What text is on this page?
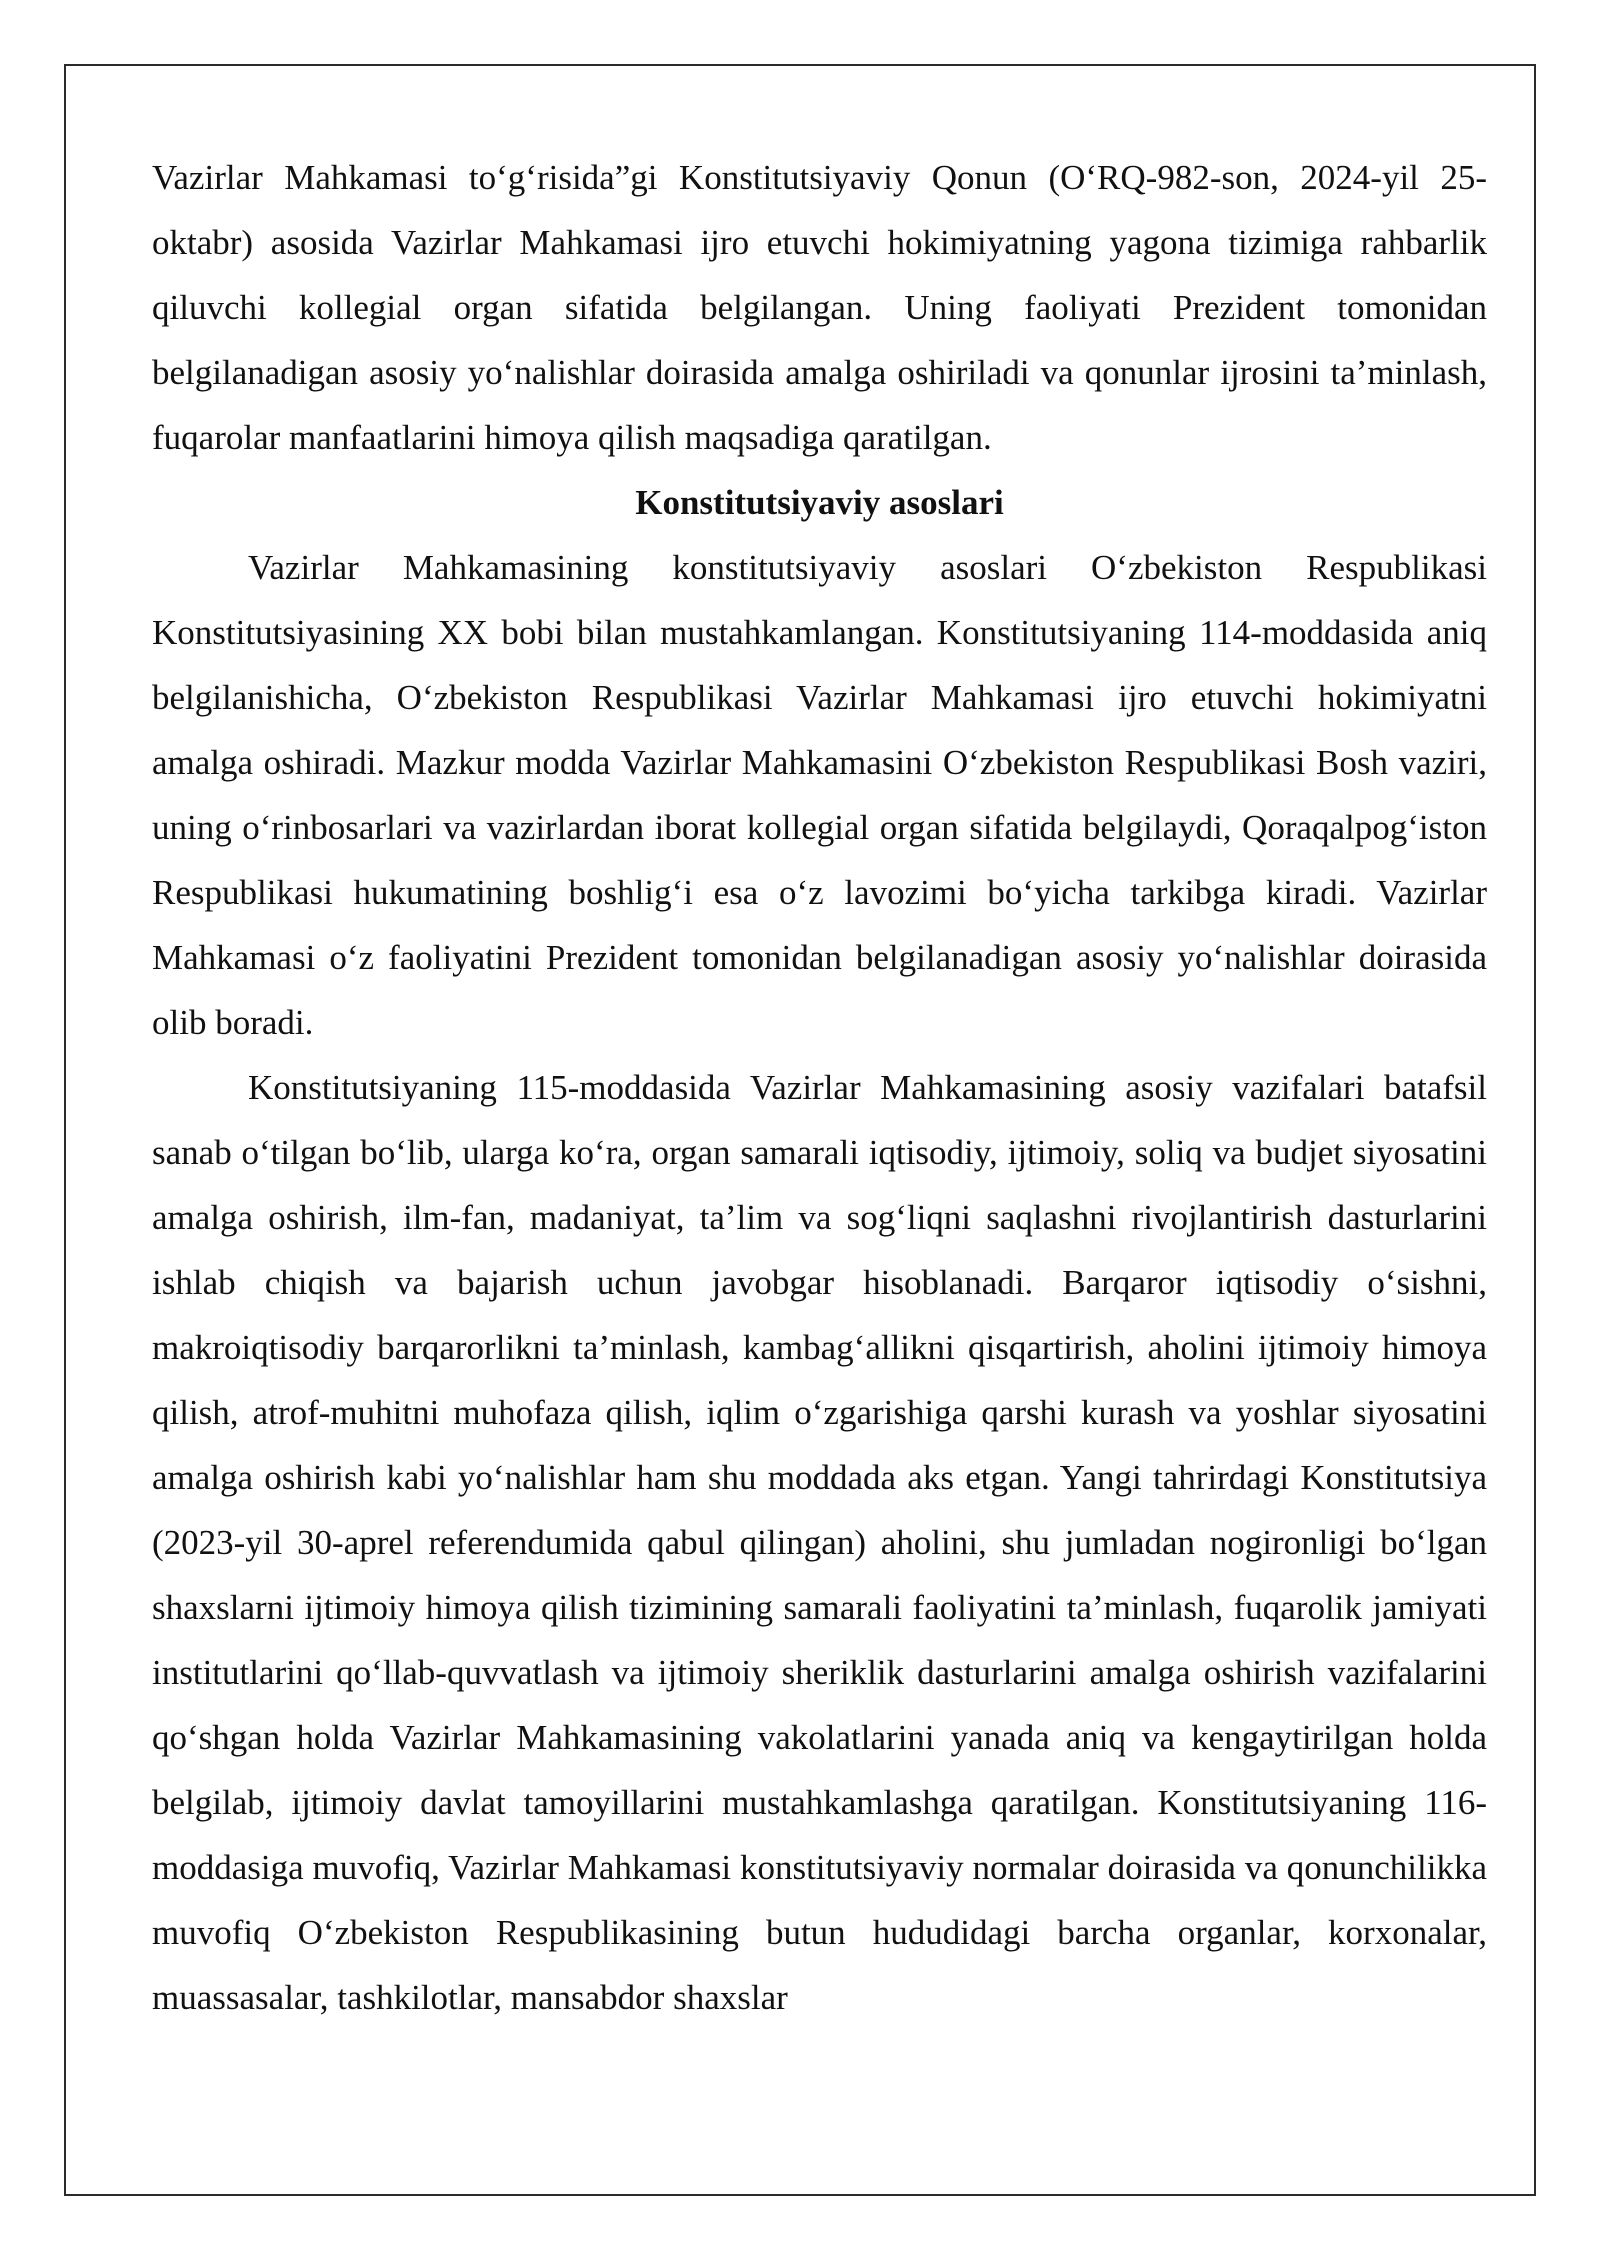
Vazirlar Mahkamasi to‘g‘risida”gi Konstitutsiyaviy Qonun (O‘RQ-982-son, 2024-yil 25-oktabr) asosida Vazirlar Mahkamasi ijro etuvchi hokimiyatning yagona tizimiga rahbarlik qiluvchi kollegial organ sifatida belgilangan. Uning faoliyati Prezident tomonidan belgilanadigan asosiy yo‘nalishlar doirasida amalga oshiriladi va qonunlar ijrosini ta’minlash, fuqarolar manfaatlarini himoya qilish maqsadiga qaratilgan.

Konstitutsiyaviy asoslari

Vazirlar Mahkamasining konstitutsiyaviy asoslari O‘zbekiston Respublikasi Konstitutsiyasining XX bobi bilan mustahkamlangan. Konstitutsiyaning 114-moddasida aniq belgilanishicha, O‘zbekiston Respublikasi Vazirlar Mahkamasi ijro etuvchi hokimiyatni amalga oshiradi. Mazkur modda Vazirlar Mahkamasini O‘zbekiston Respublikasi Bosh vaziri, uning o‘rinbosarlari va vazirlardan iborat kollegial organ sifatida belgilaydi, Qoraqalpog‘iston Respublikasi hukumatining boshlig‘i esa o‘z lavozimi bo‘yicha tarkibga kiradi. Vazirlar Mahkamasi o‘z faoliyatini Prezident tomonidan belgilanadigan asosiy yo‘nalishlar doirasida olib boradi.

Konstitutsiyaning 115-moddasida Vazirlar Mahkamasining asosiy vazifalari batafsil sanab o‘tilgan bo‘lib, ularga ko‘ra, organ samarali iqtisodiy, ijtimoiy, soliq va budjet siyosatini amalga oshirish, ilm-fan, madaniyat, ta’lim va sog‘liqni saqlashni rivojlantirish dasturlarini ishlab chiqish va bajarish uchun javobgar hisoblanadi. Barqaror iqtisodiy o‘sishni, makroiqtisodiy barqarorlikni ta’minlash, kambag‘allikni qisqartirish, aholini ijtimoiy himoya qilish, atrof-muhitni muhofaza qilish, iqlim o‘zgarishiga qarshi kurash va yoshlar siyosatini amalga oshirish kabi yo‘nalishlar ham shu moddada aks etgan. Yangi tahrirdagi Konstitutsiya (2023-yil 30-aprel referendumida qabul qilingan) aholini, shu jumladan nogironligi bo‘lgan shaxslarni ijtimoiy himoya qilish tizimining samarali faoliyatini ta’minlash, fuqarolik jamiyati institutlarini qo‘llab-quvvatlash va ijtimoiy sheriklik dasturlarini amalga oshirish vazifalarini qo‘shgan holda Vazirlar Mahkamasining vakolatlarini yanada aniq va kengaytirilgan holda belgilab, ijtimoiy davlat tamoyillarini mustahkamlashga qaratilgan. Konstitutsiyaning 116-moddasiga muvofiq, Vazirlar Mahkamasi konstitutsiyaviy normalar doirasida va qonunchilikka muvofiq O‘zbekiston Respublikasining butun hududidagi barcha organlar, korxonalar, muassasalar, tashkilotlar, mansabdor shaxslar
